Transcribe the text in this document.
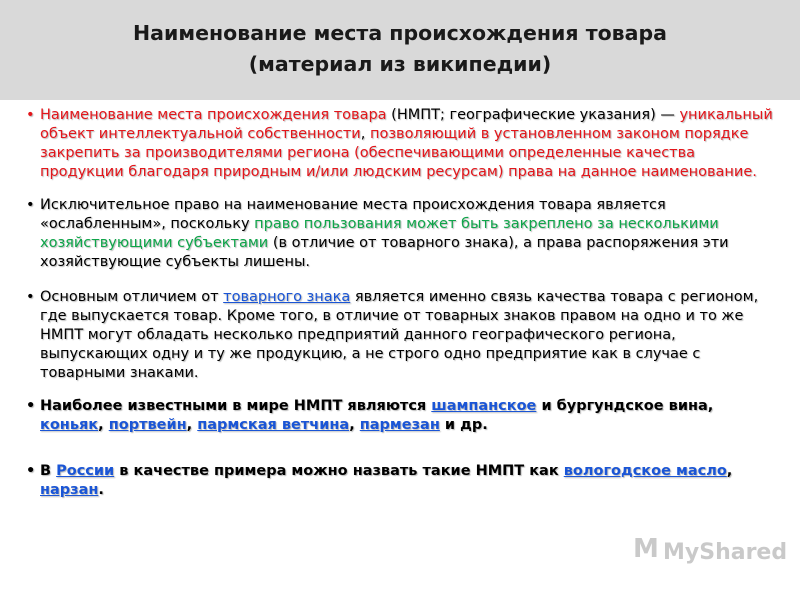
Наименование места происхождения товара
(материал из википедии)
• Наименование места происхождения товара (НМПТ; географические указания) — уникальный объект интеллектуальной собственности, позволяющий в установленном законом порядке закрепить за производителями региона (обеспечивающими определенные качества продукции благодаря природным и/или людским ресурсам) права на данное наименование.
• Исключительное право на наименование места происхождения товара является «ослабленным», поскольку право пользования может быть закреплено за несколькими хозяйствующими субъектами (в отличие от товарного знака), а права распоряжения эти хозяйствующие субъекты лишены.
• Основным отличием от товарного знака является именно связь качества товара с регионом, где выпускается товар. Кроме того, в отличие от товарных знаков правом на одно и то же НМПТ могут обладать несколько предприятий данного географического региона, выпускающих одну и ту же продукцию, а не строго одно предприятие как в случае с товарными знаками.
• Наиболее известными в мире НМПТ являются шампанское и бургундское вина, коньяк, портвейн, пармская ветчина, пармезан и др.
• В России в качестве примера можно назвать такие НМПТ как вологодское масло, нарзан.
M MyShared
